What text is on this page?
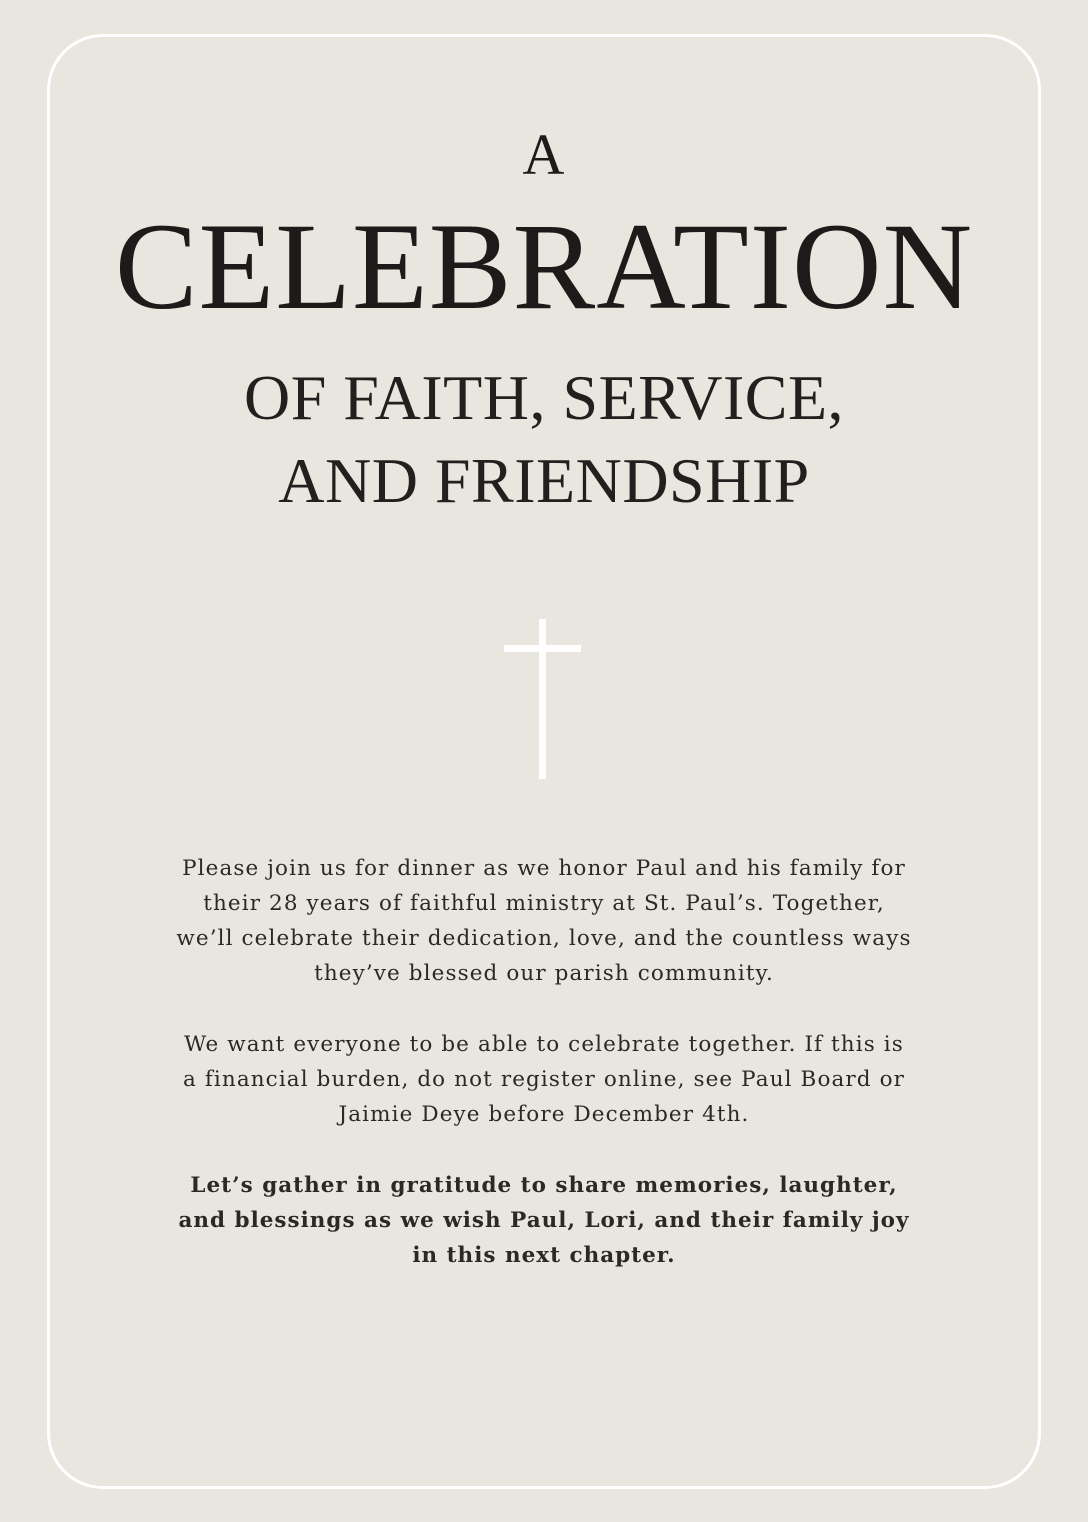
A
CELEBRATION
OF FAITH, SERVICE,
AND FRIENDSHIP

Please join us for dinner as we honor Paul and his family for their 28 years of faithful ministry at St. Paul’s. Together, we’ll celebrate their dedication, love, and the countless ways they’ve blessed our parish community.

We want everyone to be able to celebrate together. If this is a financial burden, do not register online, see Paul Board or Jaimie Deye before December 4th.

Let’s gather in gratitude to share memories, laughter, and blessings as we wish Paul, Lori, and their family joy in this next chapter.
